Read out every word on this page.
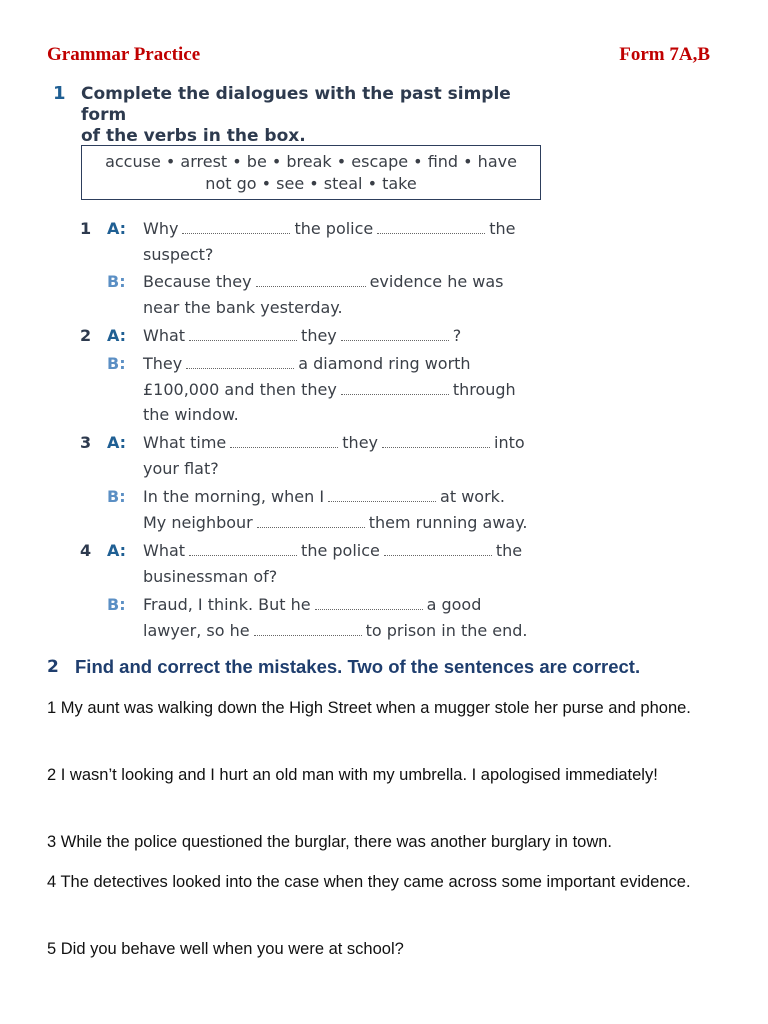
Grammar Practice	Form 7A,B
1 Complete the dialogues with the past simple form
of the verbs in the box.
accuse • arrest • be • break • escape • find • have
not go • see • steal • take
1 A: Why	the police	the
suspect?
B: Because they	evidence he was
near the bank yesterday.
2 A: What	they	?
B: They	a diamond ring worth
£100,000 and then they	through
the window.
3 A: What time	they	into
your flat?
B: In the morning, when I	at work.
My neighbour	them running away.
4 A: What	the police	the
businessman of?
B: Fraud, I think. But he	a good
lawyer, so he	to prison in the end.
2 Find and correct the mistakes. Two of the sentences are correct.
1 My aunt was walking down the High Street when a mugger stole her purse and phone.
2 I wasn’t looking and I hurt an old man with my umbrella. I apologised immediately!
3 While the police questioned the burglar, there was another burglary in town.
4 The detectives looked into the case when they came across some important evidence.
5 Did you behave well when you were at school?
